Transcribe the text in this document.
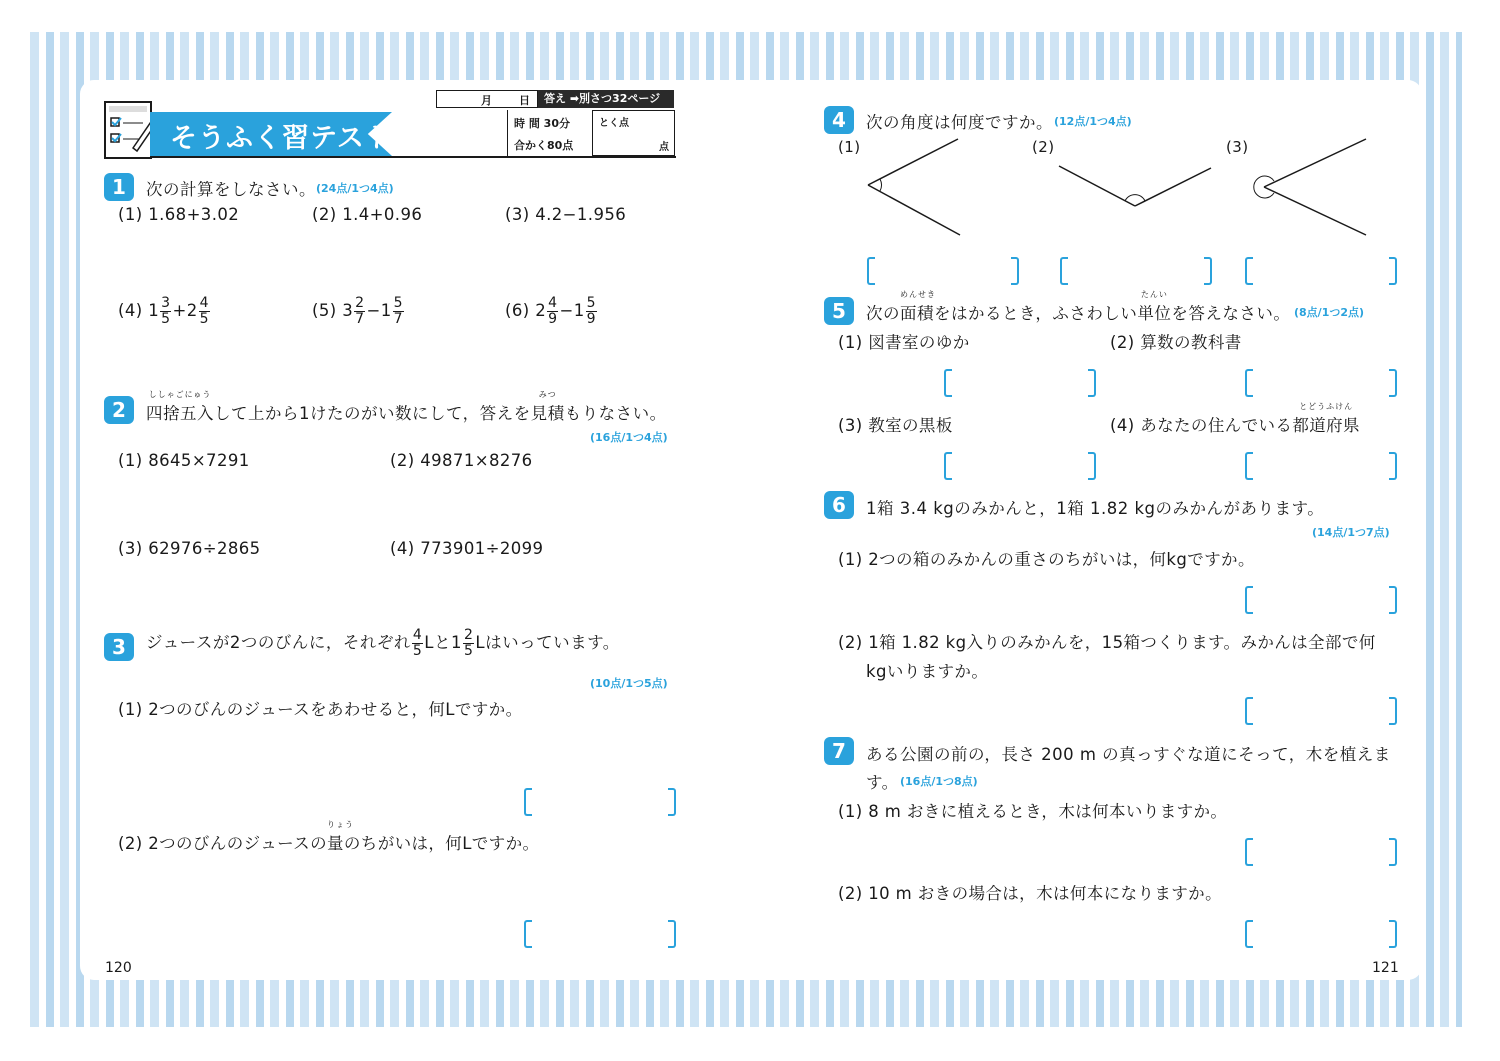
そうふく習テスト①
月 日	答え ➡別さつ32ページ
時 間 30分
合かく80点
とく点
点
1	次の計算をしなさい。 (24点/1つ4点)
(1) 1.68+3.02	(2) 1.4+0.96	(3) 4.2−1.956
(4) $1 \frac{3}{5} +2 \frac{4}{5}$	(5) $3 \frac{2}{7} -1 \frac{5}{7}$	(6) $2 \frac{4}{9} -1 \frac{5}{9}$
2
ししゃごにゅう
四捨五入して上から1けたのがい数にして，答えを
みつ
見積もりなさい。
(16点/1つ4点)
(1) 8645×7291	(2) 49871×8276
(3) 62976÷2865	(4) 773901÷2099
3	ジュースが2つのびんに，それぞれ $\frac{4}{5}$ Lと$1 \frac{2}{5}$ Lはいっています。
(10点/1つ5点)
(1) 2つのびんのジュースをあわせると，何Lですか。
(2) 2つのびんのジュースの
りょう
量のちがいは，何Lですか。
120
4	次の角度は何度ですか。 (12点/1つ4点)
(1)	(2)	(3)
5	次の
めんせき
面積をはかるとき，ふさわしい
たんい
単位を答えなさい。 (8点/1つ2点)
(1) 図書室のゆか	(2) 算数の教科書
(3) 教室の黒板	(4) あなたの住んでいる
とどうふけん
都道府県
6	1箱 3.4 kgのみかんと，1箱 1.82 kgのみかんがあります。
(14点/1つ7点)
(1) 2つの箱のみかんの重さのちがいは，何kgですか。
(2) 1箱 1.82 kg入りのみかんを，15箱つくります。みかんは全部で何
kgいりますか。
7	ある公園の前の，長さ 200 m の真っすぐな道にそって，木を植えま
す。 (16点/1つ8点)
(1) 8 m おきに植えるとき，木は何本いりますか。
(2) 10 m おきの場合は，木は何本になりますか。
121
